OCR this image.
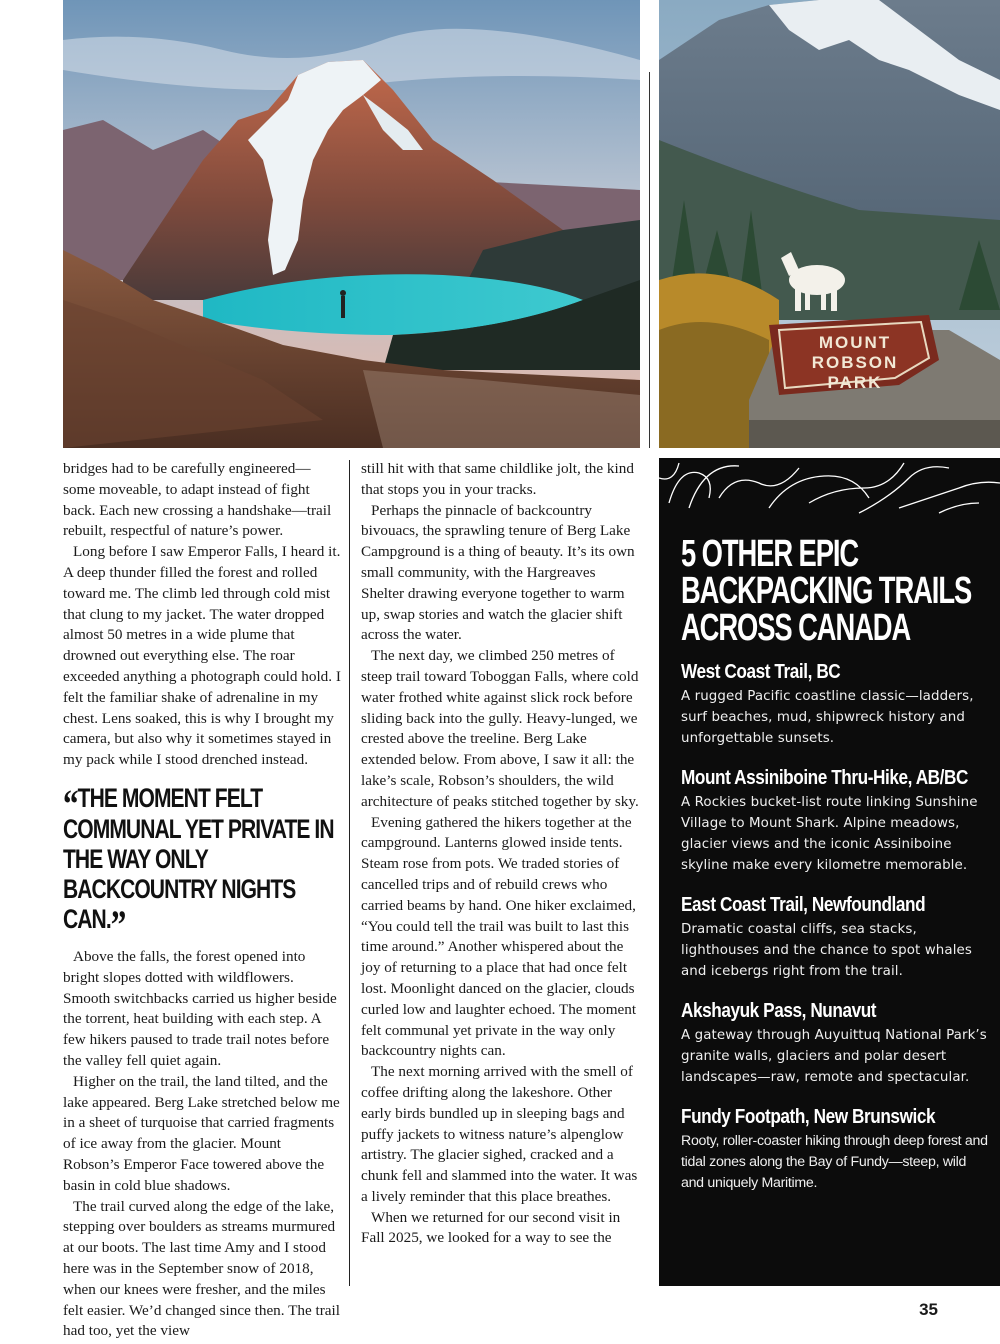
MOUNT
ROBSON
PARK

bridges had to be carefully engineered—some moveable, to adapt instead of fight back. Each new crossing a handshake—trail rebuilt, respectful of nature’s power.

Long before I saw Emperor Falls, I heard it. A deep thunder filled the forest and rolled toward me. The climb led through cold mist that clung to my jacket. The water dropped almost 50 metres in a wide plume that drowned out everything else. The roar exceeded anything a photograph could hold. I felt the familiar shake of adrenaline in my chest. Lens soaked, this is why I brought my camera, but also why it sometimes stayed in my pack while I stood drenched instead.

“THE MOMENT FELT COMMUNAL YET PRIVATE IN THE WAY ONLY BACKCOUNTRY NIGHTS CAN.”

Above the falls, the forest opened into bright slopes dotted with wildflowers. Smooth switchbacks carried us higher beside the torrent, heat building with each step. A few hikers paused to trade trail notes before the valley fell quiet again.

Higher on the trail, the land tilted, and the lake appeared. Berg Lake stretched below me in a sheet of turquoise that carried fragments of ice away from the glacier. Mount Robson’s Emperor Face towered above the basin in cold blue shadows.

The trail curved along the edge of the lake, stepping over boulders as streams murmured at our boots. The last time Amy and I stood here was in the September snow of 2018, when our knees were fresher, and the miles felt easier. We’d changed since then. The trail had too, yet the view

still hit with that same childlike jolt, the kind that stops you in your tracks.

Perhaps the pinnacle of backcountry bivouacs, the sprawling tenure of Berg Lake Campground is a thing of beauty. It’s its own small community, with the Hargreaves Shelter drawing everyone together to warm up, swap stories and watch the glacier shift across the water.

The next day, we climbed 250 metres of steep trail toward Toboggan Falls, where cold water frothed white against slick rock before sliding back into the gully. Heavy-lunged, we crested above the treeline. Berg Lake extended below. From above, I saw it all: the lake’s scale, Robson’s shoulders, the wild architecture of peaks stitched together by sky.

Evening gathered the hikers together at the campground. Lanterns glowed inside tents. Steam rose from pots. We traded stories of cancelled trips and of rebuild crews who carried beams by hand. One hiker exclaimed, “You could tell the trail was built to last this time around.” Another whispered about the joy of returning to a place that had once felt lost. Moonlight danced on the glacier, clouds curled low and laughter echoed. The moment felt communal yet private in the way only backcountry nights can.

The next morning arrived with the smell of coffee drifting along the lakeshore. Other early birds bundled up in sleeping bags and puffy jackets to witness nature’s alpenglow artistry. The glacier sighed, cracked and a chunk fell and slammed into the water. It was a lively reminder that this place breathes.

When we returned for our second visit in Fall 2025, we looked for a way to see the

5 OTHER EPIC BACKPACKING TRAILS ACROSS CANADA
West Coast Trail, BC
A rugged Pacific coastline classic—ladders, surf beaches, mud, shipwreck history and unforgettable sunsets.
Mount Assiniboine Thru-Hike, AB/BC
A Rockies bucket-list route linking Sunshine Village to Mount Shark. Alpine meadows, glacier views and the iconic Assiniboine skyline make every kilometre memorable.
East Coast Trail, Newfoundland
Dramatic coastal cliffs, sea stacks, lighthouses and the chance to spot whales and icebergs right from the trail.
Akshayuk Pass, Nunavut
A gateway through Auyuittuq National Park’s granite walls, glaciers and polar desert landscapes—raw, remote and spectacular.
Fundy Footpath, New Brunswick
Rooty, roller-coaster hiking through deep forest and tidal zones along the Bay of Fundy—steep, wild and uniquely Maritime.
35
